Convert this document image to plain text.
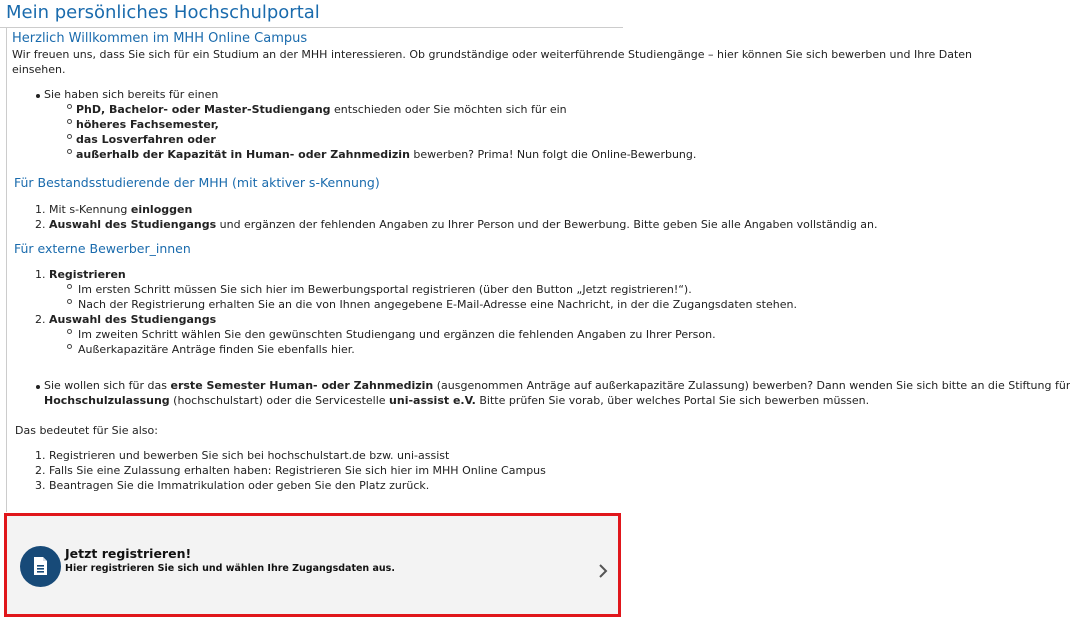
Mein persönliches Hochschulportal
Herzlich Willkommen im MHH Online Campus
Wir freuen uns, dass Sie sich für ein Studium an der MHH interessieren. Ob grundständige oder weiterführende Studiengänge – hier können Sie sich bewerben und Ihre Daten
einsehen.
Sie haben sich bereits für einen
PhD, Bachelor- oder Master-Studiengang entschieden oder Sie möchten sich für ein
höheres Fachsemester,
das Losverfahren oder
außerhalb der Kapazität in Human- oder Zahnmedizin bewerben? Prima! Nun folgt die Online-Bewerbung.
Für Bestandsstudierende der MHH (mit aktiver s-Kennung)
1. Mit s-Kennung einloggen
2. Auswahl des Studiengangs und ergänzen der fehlenden Angaben zu Ihrer Person und der Bewerbung. Bitte geben Sie alle Angaben vollständig an.
Für externe Bewerber_innen
1. Registrieren
Im ersten Schritt müssen Sie sich hier im Bewerbungsportal registrieren (über den Button „Jetzt registrieren!“).
Nach der Registrierung erhalten Sie an die von Ihnen angegebene E-Mail-Adresse eine Nachricht, in der die Zugangsdaten stehen.
2. Auswahl des Studiengangs
Im zweiten Schritt wählen Sie den gewünschten Studiengang und ergänzen die fehlenden Angaben zu Ihrer Person.
Außerkapazitäre Anträge finden Sie ebenfalls hier.
Sie wollen sich für das erste Semester Human- oder Zahnmedizin (ausgenommen Anträge auf außerkapazitäre Zulassung) bewerben? Dann wenden Sie sich bitte an die Stiftung für
Hochschulzulassung (hochschulstart) oder die Servicestelle uni-assist e.V. Bitte prüfen Sie vorab, über welches Portal Sie sich bewerben müssen.
Das bedeutet für Sie also:
1. Registrieren und bewerben Sie sich bei hochschulstart.de bzw. uni-assist
2. Falls Sie eine Zulassung erhalten haben: Registrieren Sie sich hier im MHH Online Campus
3. Beantragen Sie die Immatrikulation oder geben Sie den Platz zurück.
Jetzt registrieren!
Hier registrieren Sie sich und wählen Ihre Zugangsdaten aus.
